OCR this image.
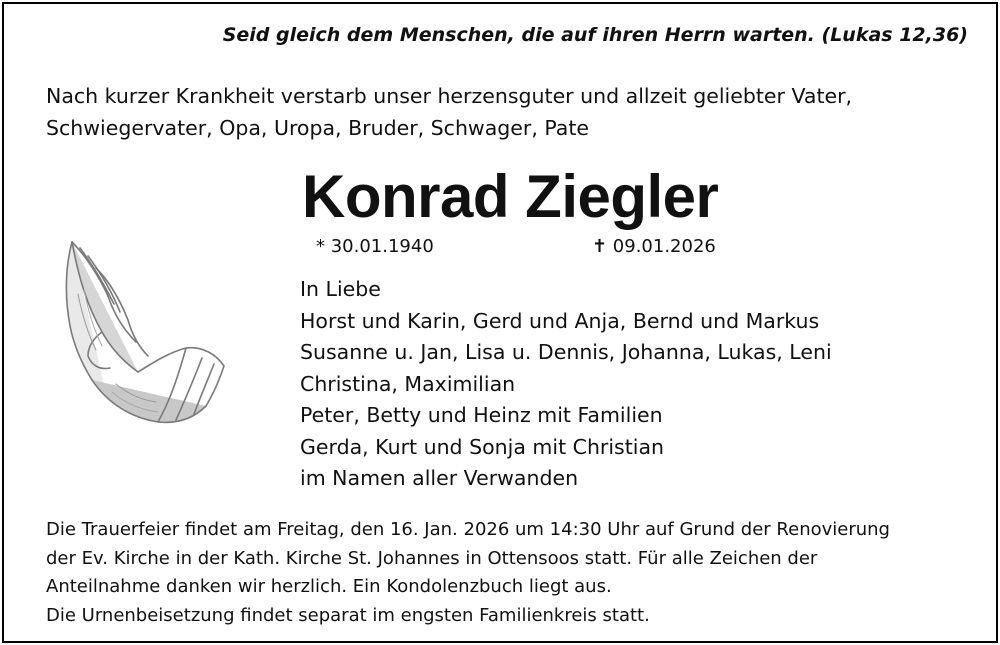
Seid gleich dem Menschen, die auf ihren Herrn warten. (Lukas 12,36)
Nach kurzer Krankheit verstarb unser herzensguter und allzeit geliebter Vater,
Schwiegervater, Opa, Uropa, Bruder, Schwager, Pate
Konrad Ziegler
* 30.01.1940	✝ 09.01.2026
In Liebe
Horst und Karin, Gerd und Anja, Bernd und Markus
Susanne u. Jan, Lisa u. Dennis, Johanna, Lukas, Leni
Christina, Maximilian
Peter, Betty und Heinz mit Familien
Gerda, Kurt und Sonja mit Christian
im Namen aller Verwanden
Die Trauerfeier findet am Freitag, den 16. Jan. 2026 um 14:30 Uhr auf Grund der Renovierung
der Ev. Kirche in der Kath. Kirche St. Johannes in Ottensoos statt. Für alle Zeichen der
Anteilnahme danken wir herzlich. Ein Kondolenzbuch liegt aus.
Die Urnenbeisetzung findet separat im engsten Familienkreis statt.
